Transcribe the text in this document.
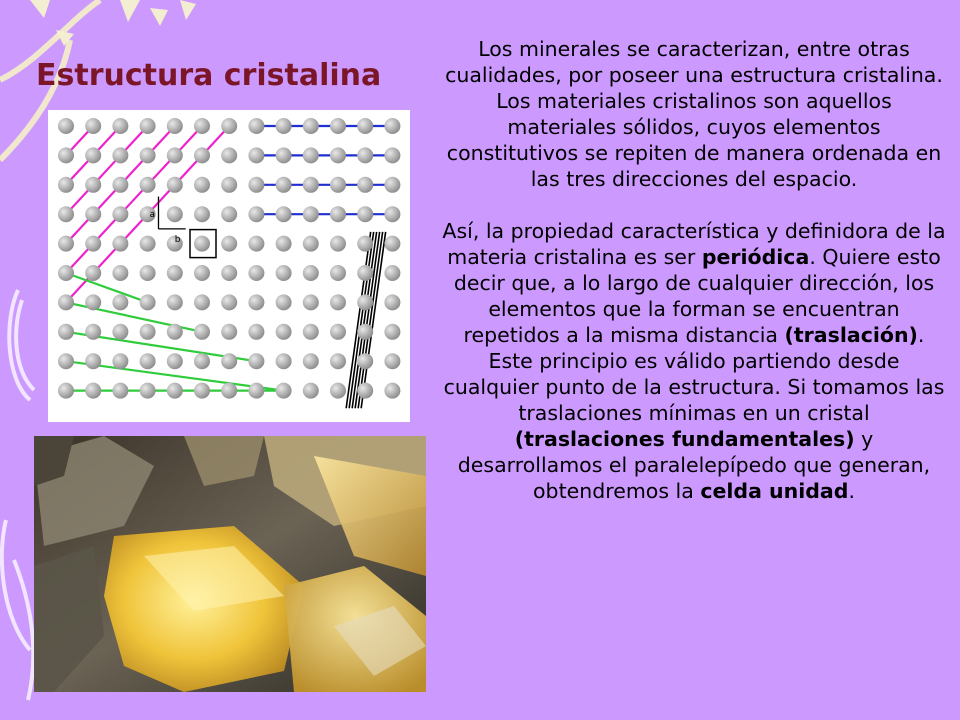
Estructura cristalina
a
b

Los minerales se caracterizan, entre otras cualidades, por poseer una estructura cristalina. Los materiales cristalinos son aquellos materiales sólidos, cuyos elementos constitutivos se repiten de manera ordenada en las tres direcciones del espacio.

Así, la propiedad característica y definidora de la materia cristalina es ser periódica. Quiere esto decir que, a lo largo de cualquier dirección, los elementos que la forman se encuentran repetidos a la misma distancia (traslación). Este principio es válido partiendo desde cualquier punto de la estructura. Si tomamos las traslaciones mínimas en un cristal (traslaciones fundamentales) y desarrollamos el paralelepípedo que generan, obtendremos la celda unidad.
